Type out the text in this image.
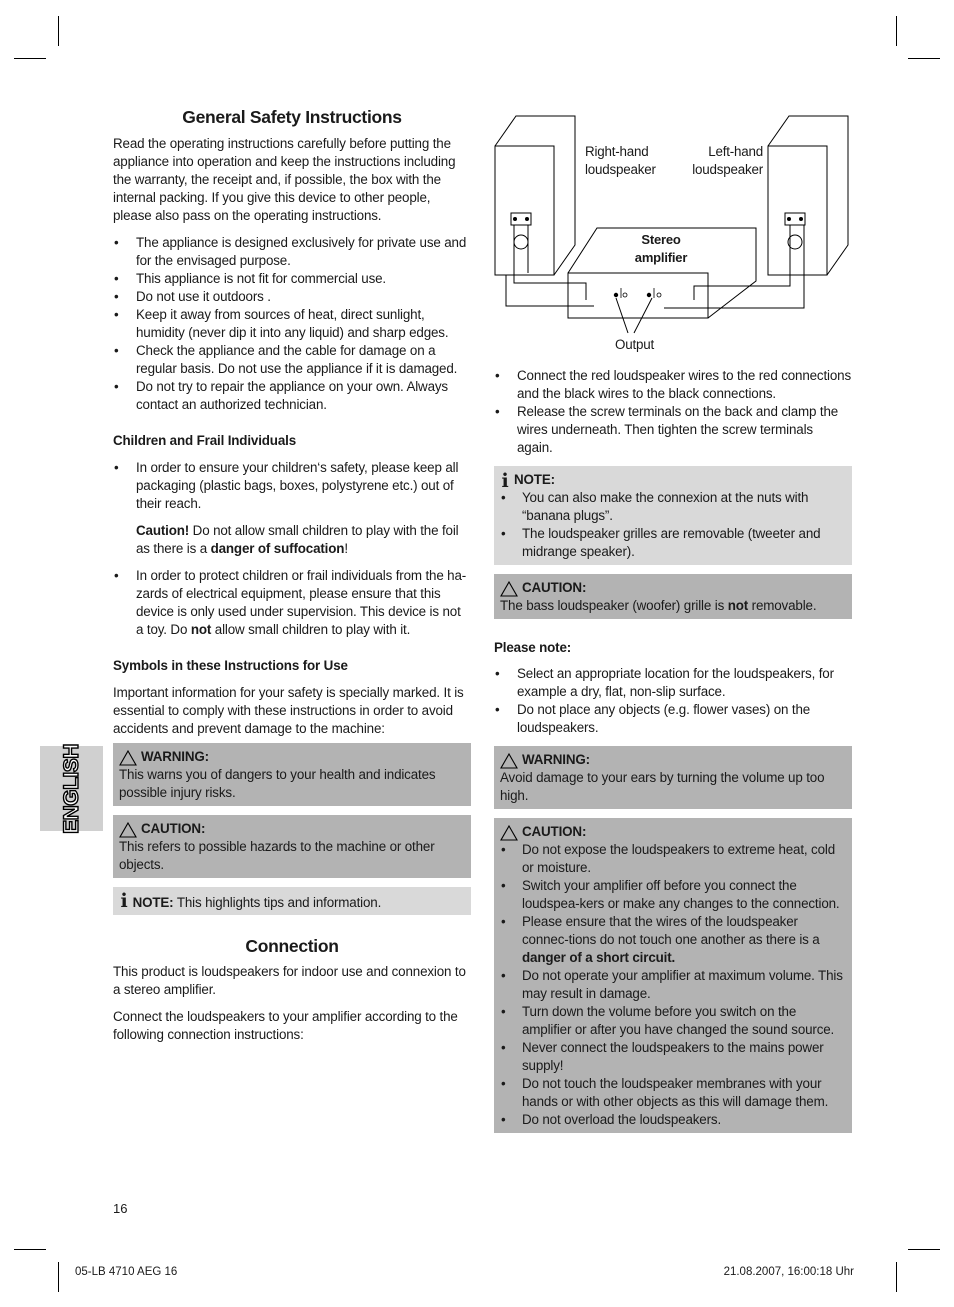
ENGLISH
General Safety Instructions

Read the operating instructions carefully before putting the appliance into operation and keep the instructions including the warranty, the receipt and, if possible, the box with the internal packing. If you give this device to other people, please also pass on the operating instructions.

• The appliance is designed exclusively for private use and for the envisaged purpose.
• This appliance is not fit for commercial use.
• Do not use it outdoors .
• Keep it away from sources of heat, direct sunlight, humidity (never dip it into any liquid) and sharp edges.
• Check the appliance and the cable for damage on a regular basis. Do not use the appliance if it is damaged.
• Do not try to repair the appliance on your own. Always contact an authorized technician.
Children and Frail Individuals
• In order to ensure your children‘s safety, please keep all packaging (plastic bags, boxes, polystyrene etc.) out of their reach.
Caution! Do not allow small children to play with the foil as there is a danger of suffocation!
• In order to protect children or frail individuals from the ha-zards of electrical equipment, please ensure that this device is only used under supervision. This device is not a toy. Do not allow small children to play with it.
Symbols in these Instructions for Use

Important information for your safety is specially marked. It is essential to comply with these instructions in order to avoid accidents and prevent damage to the machine:

WARNING:

This warns you of dangers to your health and indicates possible injury risks.

CAUTION:

This refers to possible hazards to the machine or other objects.

i NOTE: This highlights tips and information.
Connection

This product is loudspeakers for indoor use and connexion to a stereo amplifier.

Connect the loudspeakers to your amplifier according to the following connection instructions:

Right-hand
loudspeaker
Left-hand
loudspeaker
Stereo
amplifier
Output
• Connect the red loudspeaker wires to the red connections and the black wires to the black connections.
• Release the screw terminals on the back and clamp the wires underneath. Then tighten the screw terminals again.
i NOTE:
• You can also make the connexion at the nuts with “banana plugs”.
• The loudspeaker grilles are removable (tweeter and midrange speaker).
CAUTION:

The bass loudspeaker (woofer) grille is not removable.

Please note:
• Select an appropriate location for the loudspeakers, for example a dry, flat, non-slip surface.
• Do not place any objects (e.g. flower vases) on the loudspeakers.
WARNING:

Avoid damage to your ears by turning the volume up too high.

CAUTION:
• Do not expose the loudspeakers to extreme heat, cold or moisture.
• Switch your amplifier off before you connect the loudspea-kers or make any changes to the connection.
• Please ensure that the wires of the loudspeaker connec-tions do not touch one another as there is a danger of a short circuit.
• Do not operate your amplifier at maximum volume. This may result in damage.
• Turn down the volume before you switch on the amplifier or after you have changed the sound source.
• Never connect the loudspeakers to the mains power supply!
• Do not touch the loudspeaker membranes with your hands or with other objects as this will damage them.
• Do not overload the loudspeakers.
16
05-LB 4710 AEG 16	21.08.2007, 16:00:18 Uhr
